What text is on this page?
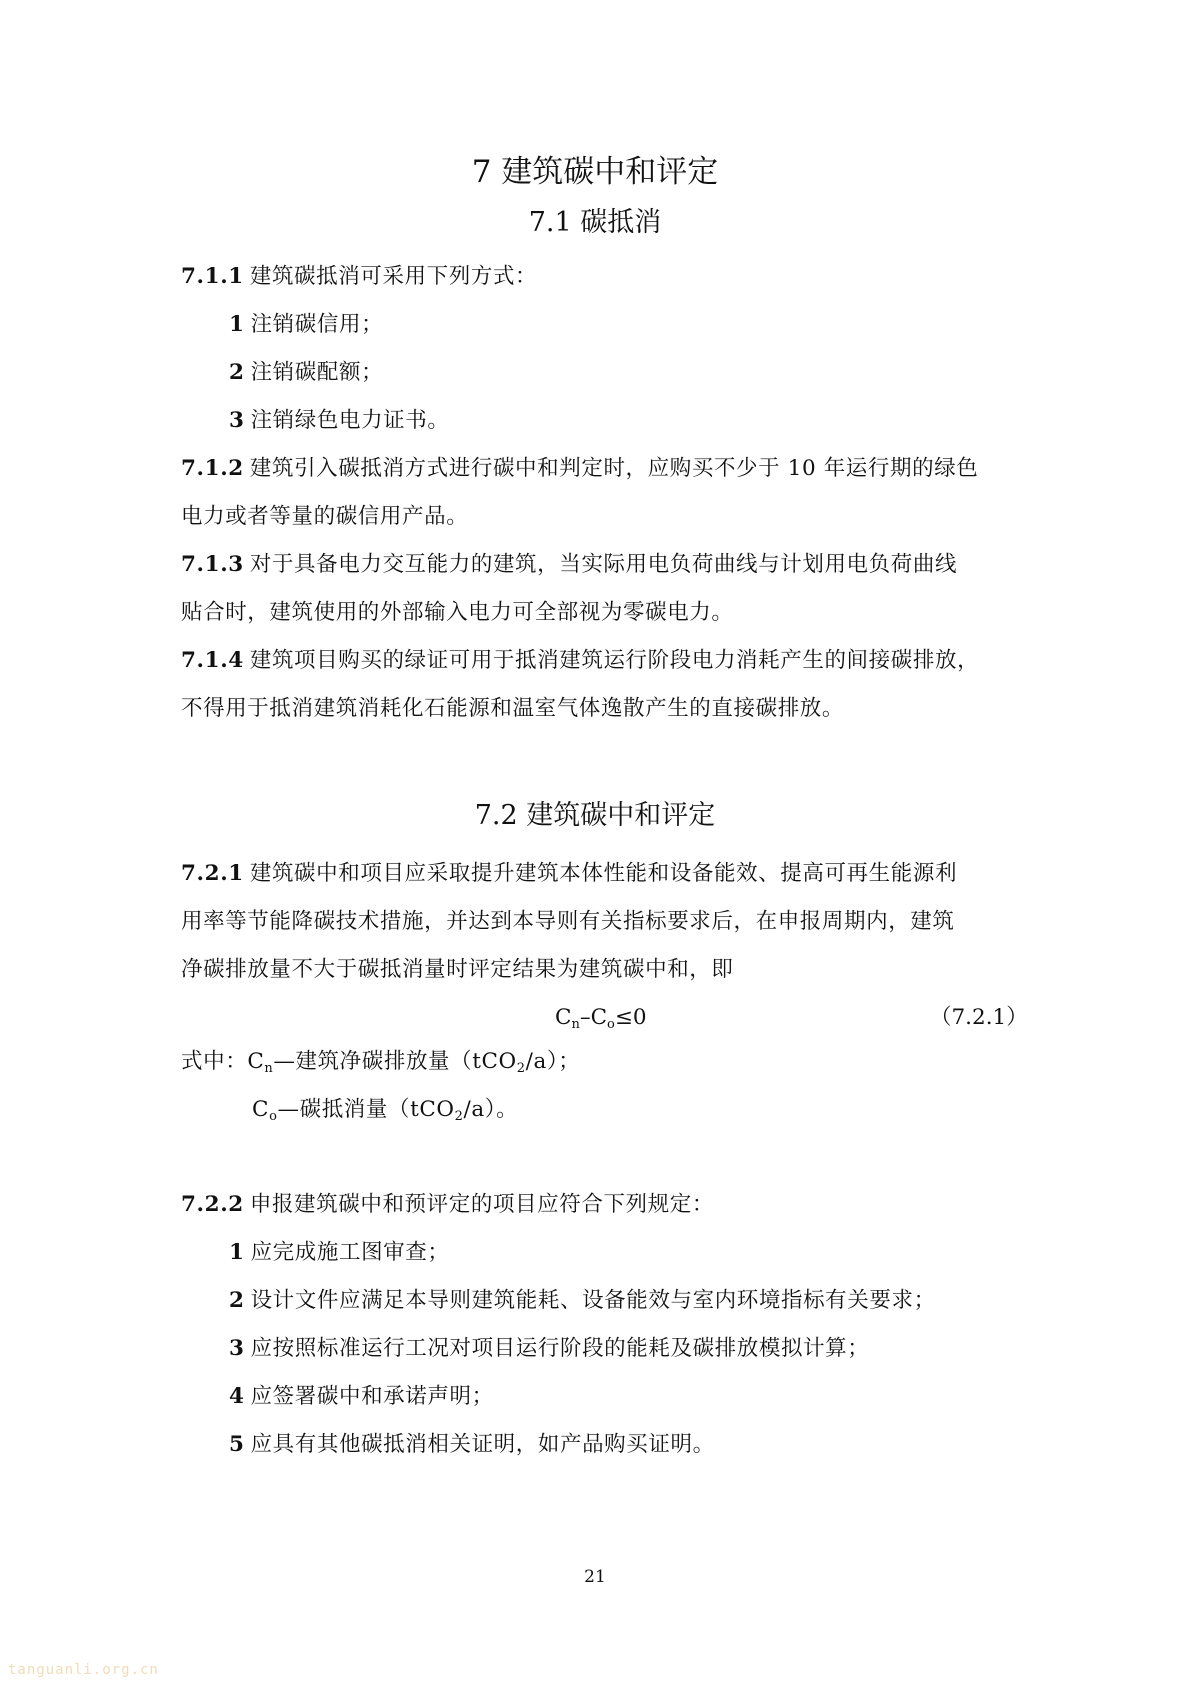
7 建筑碳中和评定
7.1 碳抵消

7.1.1 建筑碳抵消可采用下列方式：

1 注销碳信用；

2 注销碳配额；

3 注销绿色电力证书。

7.1.2 建筑引入碳抵消方式进行碳中和判定时，应购买不少于 10 年运行期的绿色
电力或者等量的碳信用产品。

7.1.3 对于具备电力交互能力的建筑，当实际用电负荷曲线与计划用电负荷曲线
贴合时，建筑使用的外部输入电力可全部视为零碳电力。

7.1.4 建筑项目购买的绿证可用于抵消建筑运行阶段电力消耗产生的间接碳排放，
不得用于抵消建筑消耗化石能源和温室气体逸散产生的直接碳排放。

7.2 建筑碳中和评定

7.2.1 建筑碳中和项目应采取提升建筑本体性能和设备能效、提高可再生能源利
用率等节能降碳技术措施，并达到本导则有关指标要求后，在申报周期内，建筑
净碳排放量不大于碳抵消量时评定结果为建筑碳中和，即

$C_n-C_o\le 0$	（7.2.1）
式中：$C_n—$建筑净碳排放量（tCO$_2$/a）；
$C_o—$碳抵消量（tCO$_2$/a）。

7.2.2 申报建筑碳中和预评定的项目应符合下列规定：

1 应完成施工图审查；

2 设计文件应满足本导则建筑能耗、设备能效与室内环境指标有关要求；

3 应按照标准运行工况对项目运行阶段的能耗及碳排放模拟计算；

4 应签署碳中和承诺声明；

5 应具有其他碳抵消相关证明，如产品购买证明。

21
tanguanli.org.cn
